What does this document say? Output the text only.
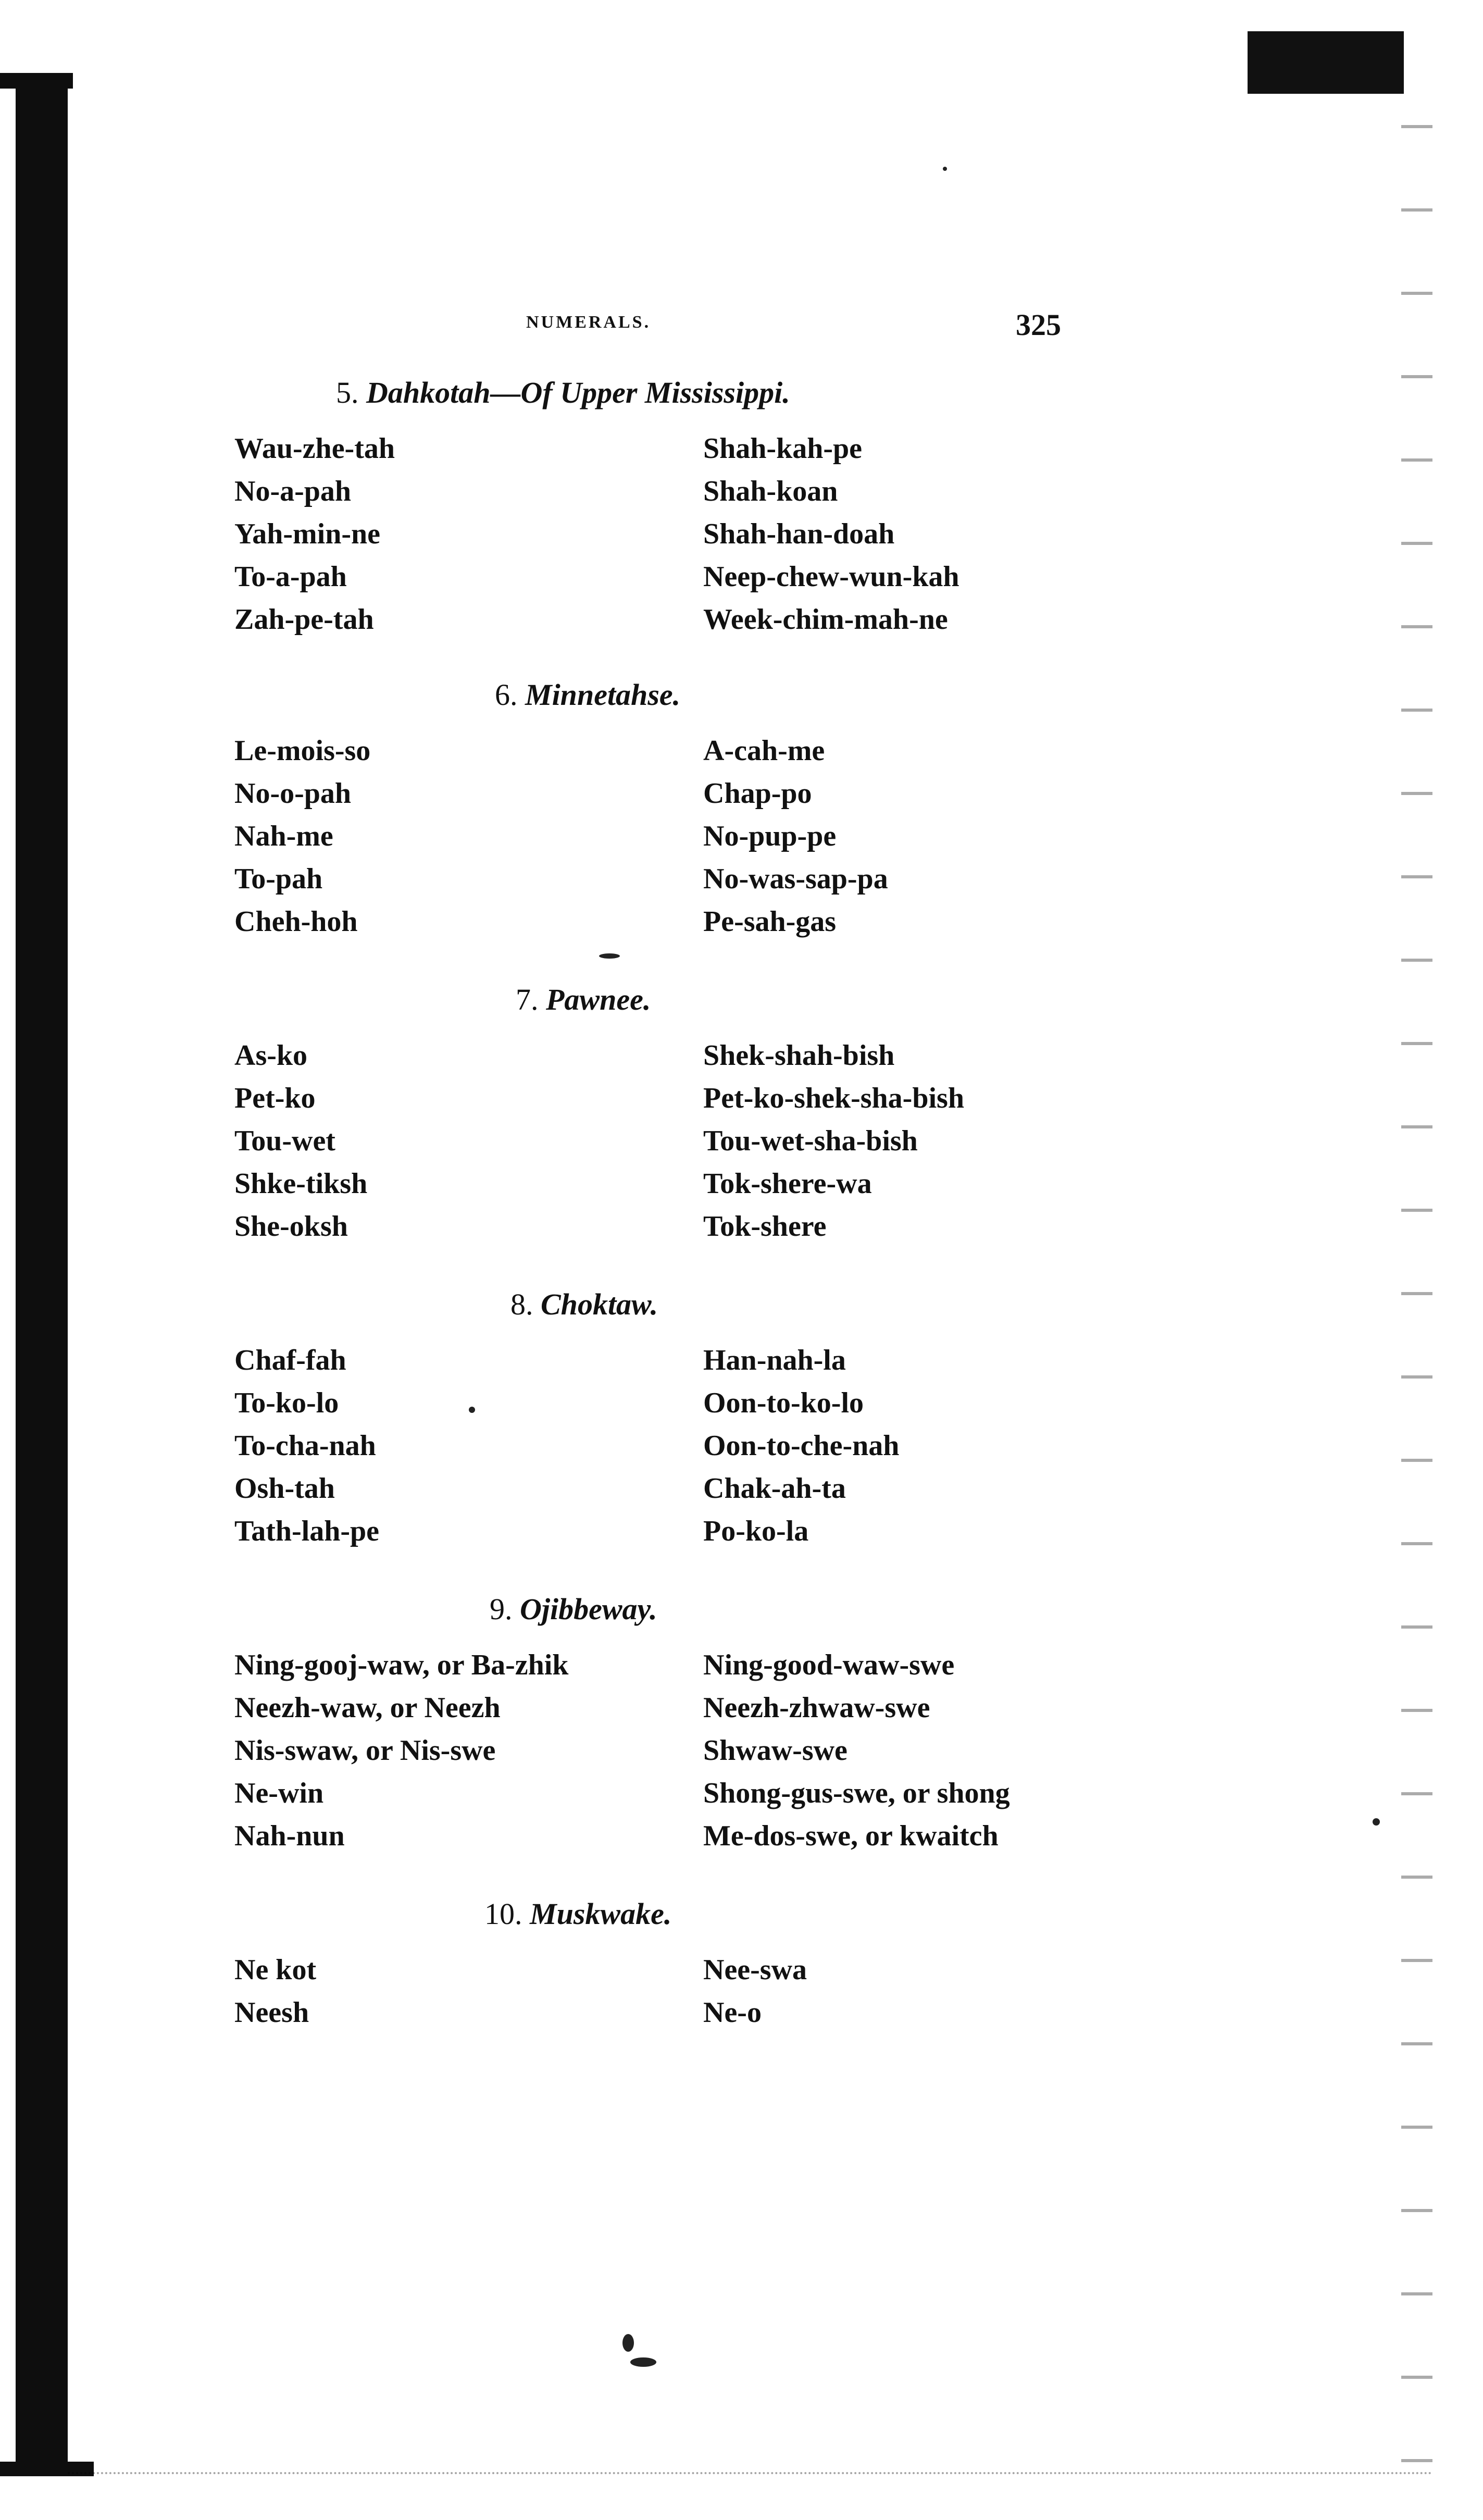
NUMERALS.	325
5. Dahkotah—Of Upper Mississippi.
Wau-zhe-tah
No-a-pah
Yah-min-ne
To-a-pah
Zah-pe-tah
Shah-kah-pe
Shah-koan
Shah-han-doah
Neep-chew-wun-kah
Week-chim-mah-ne
6. Minnetahse.
Le-mois-so
No-o-pah
Nah-me
To-pah
Cheh-hoh
A-cah-me
Chap-po
No-pup-pe
No-was-sap-pa
Pe-sah-gas
7. Pawnee.
As-ko
Pet-ko
Tou-wet
Shke-tiksh
She-oksh
Shek-shah-bish
Pet-ko-shek-sha-bish
Tou-wet-sha-bish
Tok-shere-wa
Tok-shere
8. Choktaw.
Chaf-fah
To-ko-lo
To-cha-nah
Osh-tah
Tath-lah-pe
Han-nah-la
Oon-to-ko-lo
Oon-to-che-nah
Chak-ah-ta
Po-ko-la
9. Ojibbeway.
Ning-gooj-waw, or Ba-zhik
Neezh-waw, or Neezh
Nis-swaw, or Nis-swe
Ne-win
Nah-nun
Ning-good-waw-swe
Neezh-zhwaw-swe
Shwaw-swe
Shong-gus-swe, or shong
Me-dos-swe, or kwaitch
10. Muskwake.
Ne kot
Neesh
Nee-swa
Ne-o
